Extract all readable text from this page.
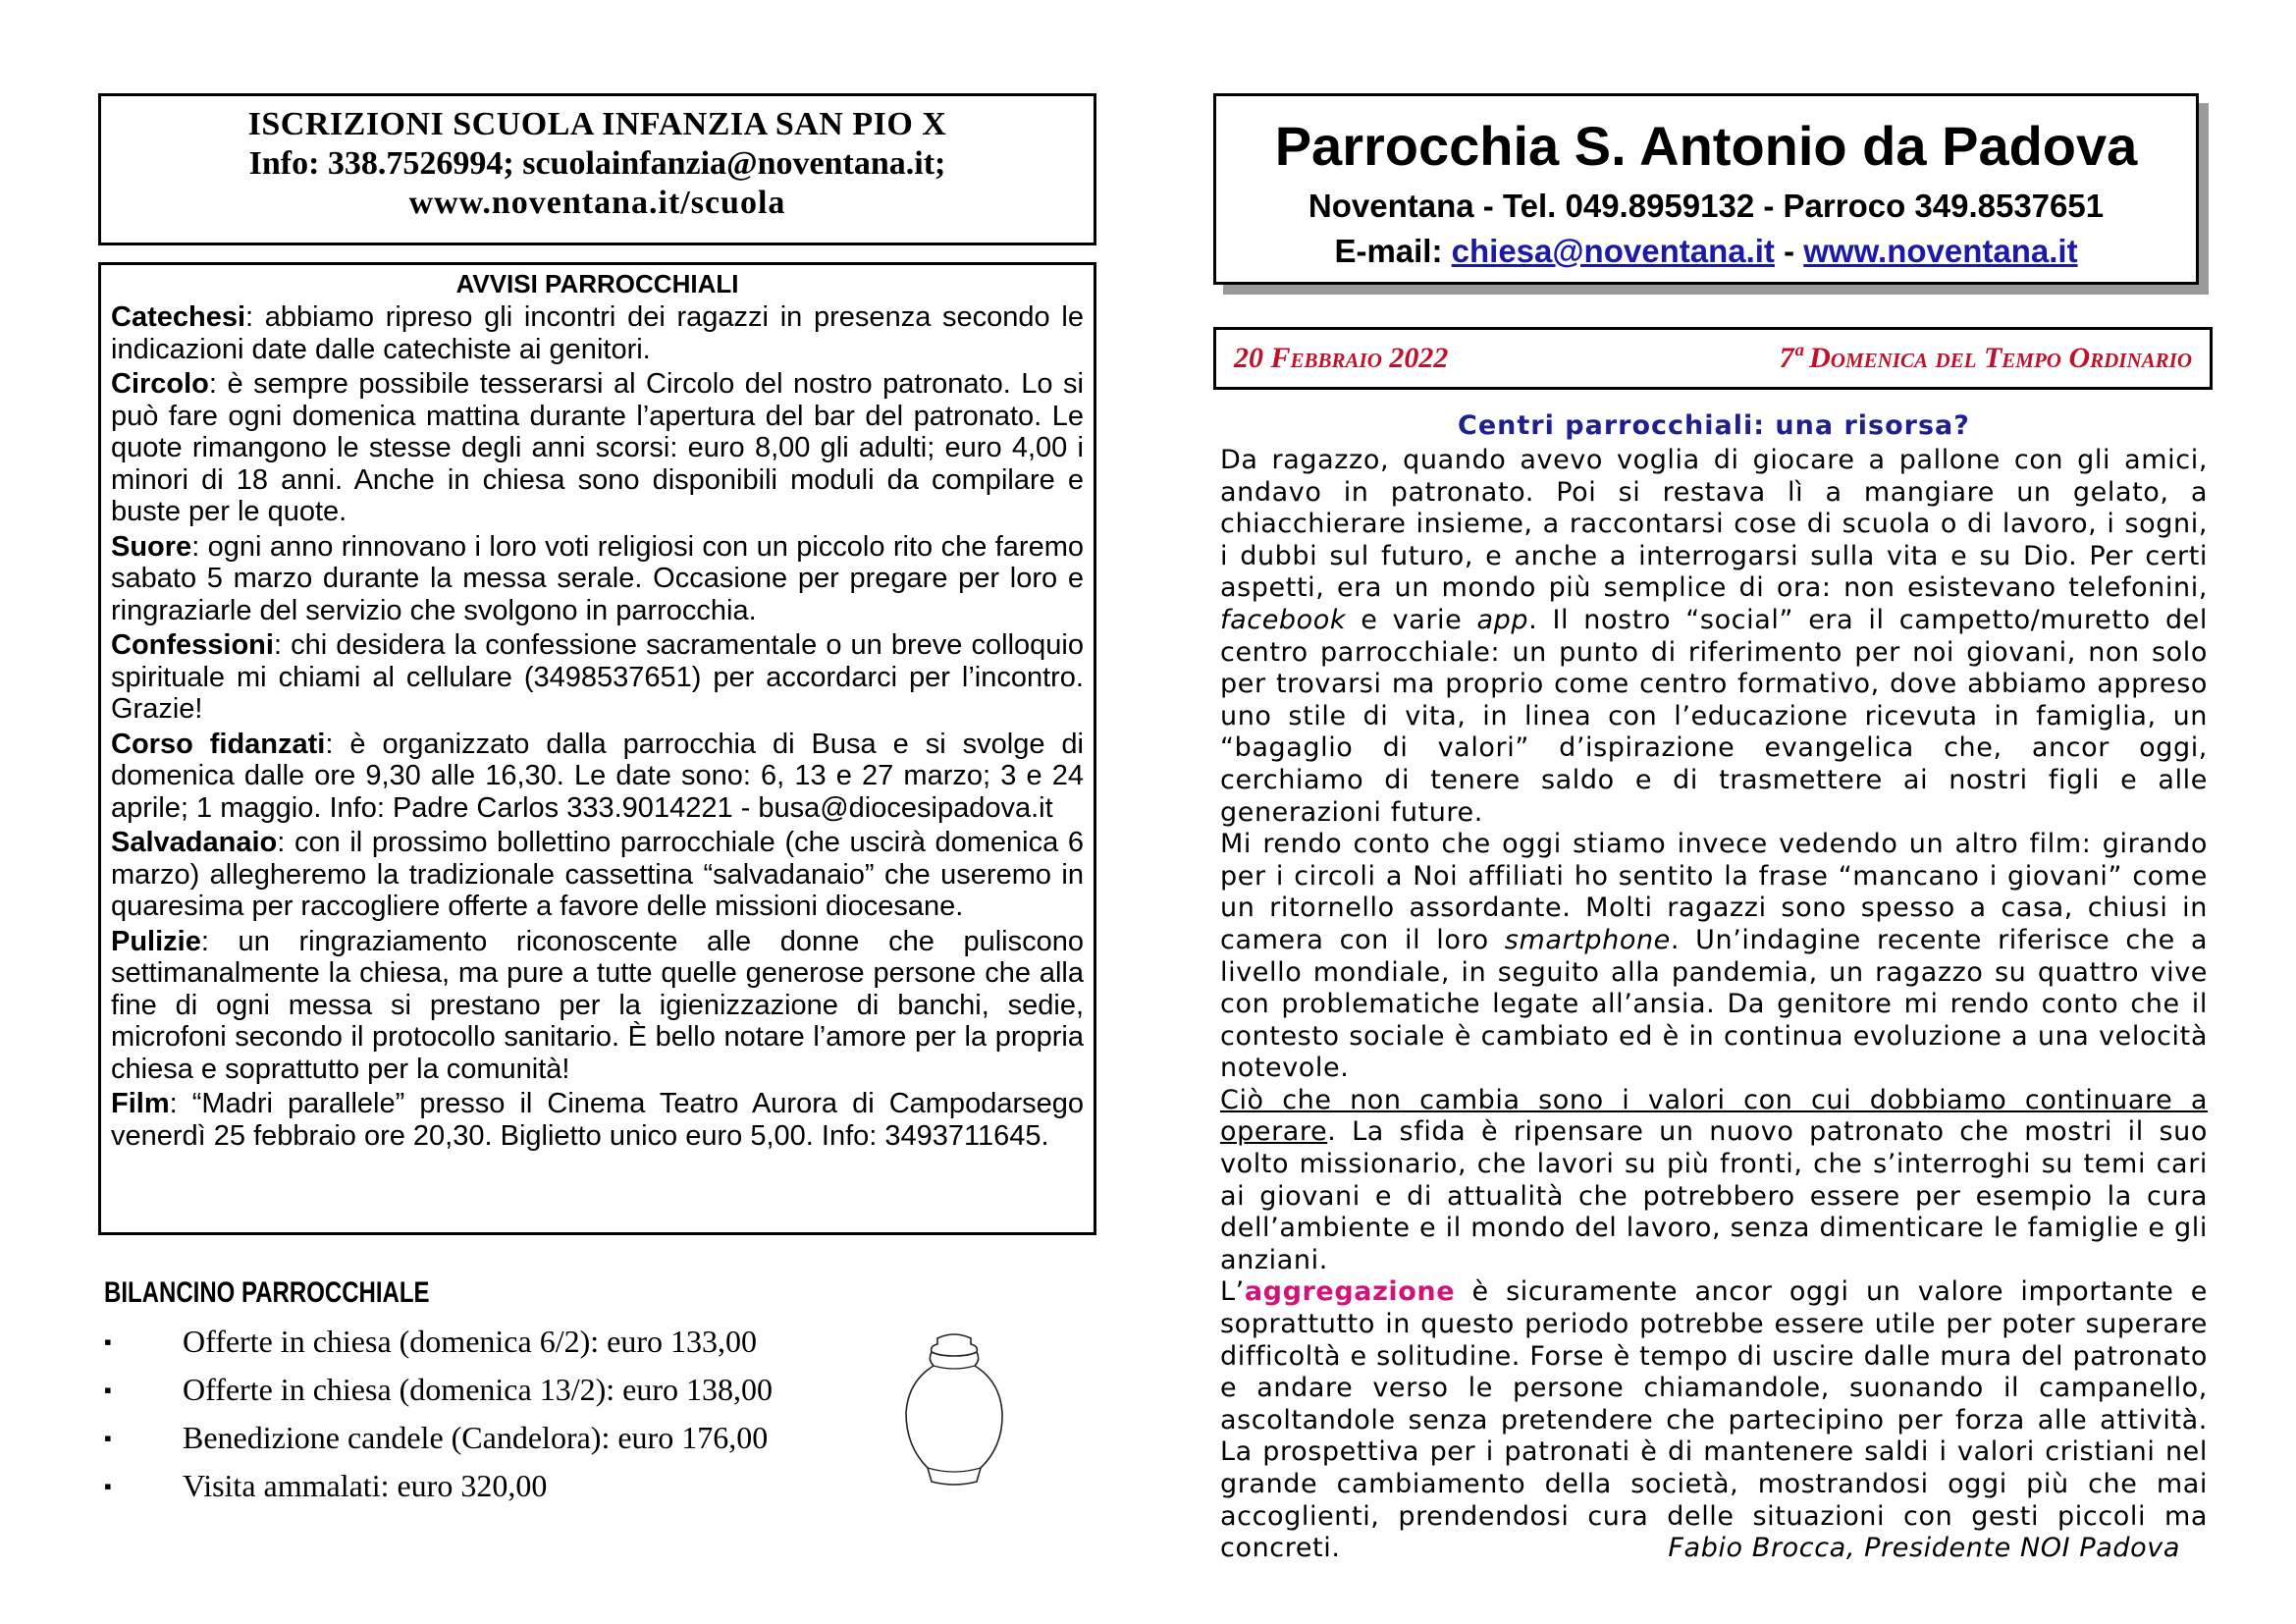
ISCRIZIONI SCUOLA INFANZIA SAN PIO X
Info: 338.7526994; scuolainfanzia@noventana.it;
www.noventana.it/scuola
AVVISI PARROCCHIALI

Catechesi: abbiamo ripreso gli incontri dei ragazzi in presenza secondo le indicazioni date dalle catechiste ai genitori.

Circolo: è sempre possibile tesserarsi al Circolo del nostro patronato. Lo si può fare ogni domenica mattina durante l’apertura del bar del patronato. Le quote rimangono le stesse degli anni scorsi: euro 8,00 gli adulti; euro 4,00 i minori di 18 anni. Anche in chiesa sono disponibili moduli da compilare e buste per le quote.

Suore: ogni anno rinnovano i loro voti religiosi con un piccolo rito che faremo sabato 5 marzo durante la messa serale. Occasione per pregare per loro e ringraziarle del servizio che svolgono in parrocchia.

Confessioni: chi desidera la confessione sacramentale o un breve colloquio spirituale mi chiami al cellulare (3498537651) per accordarci per l’incontro. Grazie!

Corso fidanzati: è organizzato dalla parrocchia di Busa e si svolge di domenica dalle ore 9,30 alle 16,30. Le date sono: 6, 13 e 27 marzo; 3 e 24 aprile; 1 maggio. Info: Padre Carlos 333.9014221 - busa@diocesipadova.it

Salvadanaio: con il prossimo bollettino parrocchiale (che uscirà domenica 6 marzo) allegheremo la tradizionale cassettina “salvadanaio” che useremo in quaresima per raccogliere offerte a favore delle missioni diocesane.

Pulizie: un ringraziamento riconoscente alle donne che puliscono settimanalmente la chiesa, ma pure a tutte quelle generose persone che alla fine di ogni messa si prestano per la igienizzazione di banchi, sedie, microfoni secondo il protocollo sanitario. È bello notare l’amore per la propria chiesa e soprattutto per la comunità!

Film: “Madri parallele” presso il Cinema Teatro Aurora di Campodarsego venerdì 25 febbraio ore 20,30. Biglietto unico euro 5,00. Info: 3493711645.

BILANCINO PARROCCHIALE
▪	Offerte in chiesa (domenica 6/2): euro 133,00
▪	Offerte in chiesa (domenica 13/2): euro 138,00
▪	Benedizione candele (Candelora): euro 176,00
▪	Visita ammalati: euro 320,00
Parrocchia S. Antonio da Padova
Noventana - Tel. 049.8959132 - Parroco 349.8537651
E-mail: chiesa@noventana.it - www.noventana.it
20 Febbraio 2022	7ª Domenica del Tempo Ordinario
Centri parrocchiali: una risorsa?

Da ragazzo, quando avevo voglia di giocare a pallone con gli amici, andavo in patronato. Poi si restava lì a mangiare un gelato, a chiacchierare insieme, a raccontarsi cose di scuola o di lavoro, i sogni, i dubbi sul futuro, e anche a interrogarsi sulla vita e su Dio. Per certi aspetti, era un mondo più semplice di ora: non esistevano telefonini, facebook e varie app. Il nostro “social” era il campetto/muretto del centro parrocchiale: un punto di riferimento per noi giovani, non solo per trovarsi ma proprio come centro formativo, dove abbiamo appreso uno stile di vita, in linea con l’educazione ricevuta in famiglia, un “bagaglio di valori” d’ispirazione evangelica che, ancor oggi, cerchiamo di tenere saldo e di trasmettere ai nostri figli e alle generazioni future.

Mi rendo conto che oggi stiamo invece vedendo un altro film: girando per i circoli a Noi affiliati ho sentito la frase “mancano i giovani” come un ritornello assordante. Molti ragazzi sono spesso a casa, chiusi in camera con il loro smartphone. Un’indagine recente riferisce che a livello mondiale, in seguito alla pandemia, un ragazzo su quattro vive con problematiche legate all’ansia. Da genitore mi rendo conto che il contesto sociale è cambiato ed è in continua evoluzione a una velocità notevole.

Ciò che non cambia sono i valori con cui dobbiamo continuare a operare. La sfida è ripensare un nuovo patronato che mostri il suo volto missionario, che lavori su più fronti, che s’interroghi su temi cari ai giovani e di attualità che potrebbero essere per esempio la cura dell’ambiente e il mondo del lavoro, senza dimenticare le famiglie e gli anziani.

L’aggregazione è sicuramente ancor oggi un valore importante e soprattutto in questo periodo potrebbe essere utile per poter superare difficoltà e solitudine. Forse è tempo di uscire dalle mura del patronato e andare verso le persone chiamandole, suonando il campanello, ascoltandole senza pretendere che partecipino per forza alle attività. La prospettiva per i patronati è di mantenere saldi i valori cristiani nel grande cambiamento della società, mostrandosi oggi più che mai accoglienti, prendendosi cura delle situazioni con gesti piccoli ma concreti.	Fabio Brocca, Presidente NOI Padova
